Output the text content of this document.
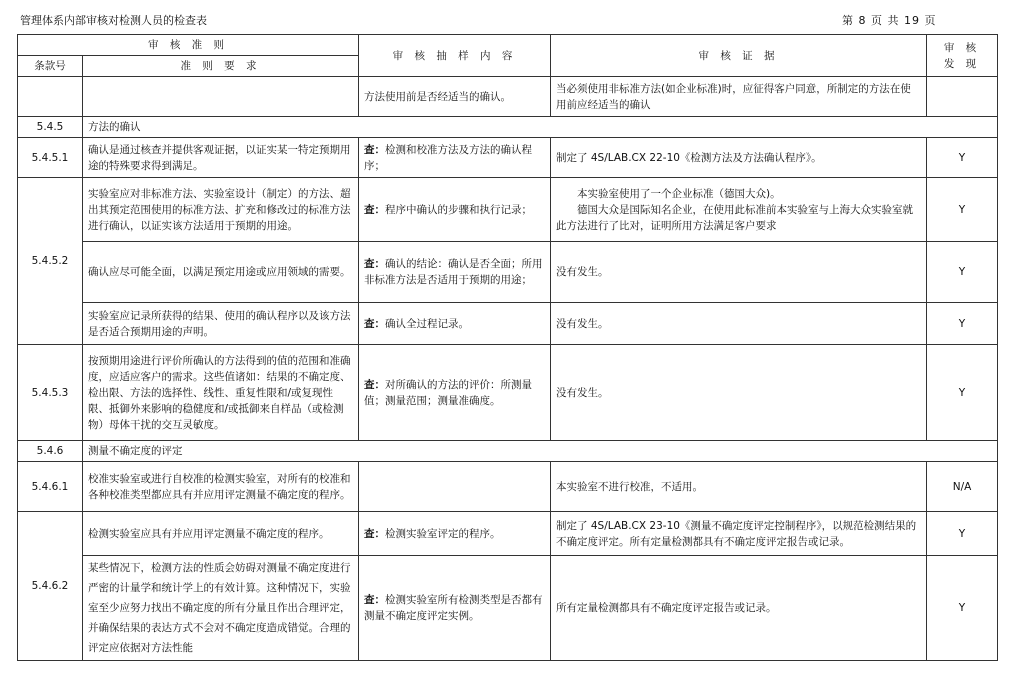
管理体系内部审核对检测人员的检查表	第 8 页 共 19 页
审 核 准 则		审 核 抽 样 内 容	审 核 证 据	审 核
发 现
条款号	准 则 要 求			
		方法使用前是否经适当的确认。	当必须使用非标准方法(如企业标准)时，应征得客户同意，所制定的方法在使用前应经适当的确认	
5.4.5	方法的确认			
5.4.5.1	确认是通过核查并提供客观证据，以证实某一特定预期用途的特殊要求得到满足。	查：检测和校准方法及方法的确认程序；	制定了 4S/LAB.CX 22-10《检测方法及方法确认程序》。	Y
5.4.5.2	实验室应对非标准方法、实验室设计（制定）的方法、超出其预定范围使用的标准方法、扩充和修改过的标准方法进行确认，以证实该方法适用于预期的用途。	查：程序中确认的步骤和执行记录；	本实验室使用了一个企业标准（德国大众)。
德国大众是国际知名企业，在使用此标准前本实验室与上海大众实验室就此方法进行了比对，证明所用方法满足客户要求	Y
	确认应尽可能全面，以满足预定用途或应用领域的需要。	查：确认的结论：确认是否全面；所用非标准方法是否适用于预期的用途；	没有发生。	Y
	实验室应记录所获得的结果、使用的确认程序以及该方法是否适合预期用途的声明。	查：确认全过程记录。	没有发生。	Y
5.4.5.3	按预期用途进行评价所确认的方法得到的值的范围和准确度，应适应客户的需求。这些值诸如：结果的不确定度、检出限、方法的选择性、线性、重复性限和/或复现性限、抵御外来影响的稳健度和/或抵御来自样品（或检测物）母体干扰的交互灵敏度。	查：对所确认的方法的评价：所测量值；测量范围；测量准确度。	没有发生。	Y
5.4.6	测量不确定度的评定			
5.4.6.1	校准实验室或进行自校准的检测实验室，对所有的校准和各种校准类型都应具有并应用评定测量不确定度的程序。		本实验室不进行校准，不适用。	N/A
5.4.6.2	检测实验室应具有并应用评定测量不确定度的程序。	查：检测实验室评定的程序。	制定了 4S/LAB.CX 23-10《测量不确定度评定控制程序》，以规范检测结果的不确定度评定。所有定量检测都具有不确定度评定报告或记录。	Y
	某些情况下，检测方法的性质会妨碍对测量不确定度进行严密的计量学和统计学上的有效计算。这种情况下，实验室至少应努力找出不确定度的所有分量且作出合理评定，并确保结果的表达方式不会对不确定度造成错觉。合理的评定应依据对方法性能	查：检测实验室所有检测类型是否都有测量不确定度评定实例。	所有定量检测都具有不确定度评定报告或记录。	Y
